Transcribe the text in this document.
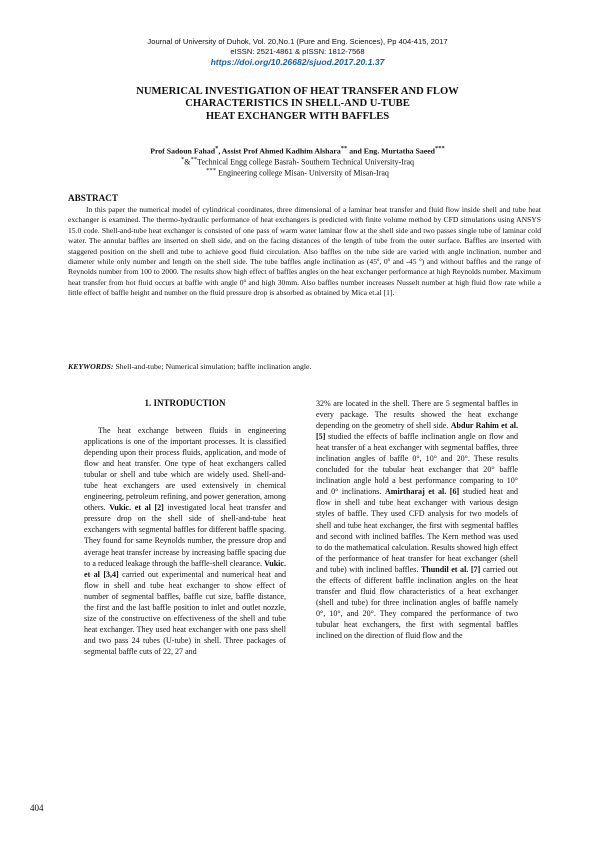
Journal of University of Duhok, Vol. 20,No.1 (Pure and Eng. Sciences), Pp 404-415, 2017
eISSN: 2521-4861 & pISSN: 1812-7568
https://doi.org/10.26682/sjuod.2017.20.1.37
NUMERICAL INVESTIGATION OF HEAT TRANSFER AND FLOW
CHARACTERISTICS IN SHELL-AND U-TUBE
HEAT EXCHANGER WITH BAFFLES
Prof Sadoun Fahad*, Assist Prof Ahmed Kadhim Alshara** and Eng. Murtatha Saeed***
*&**Technical Engg college Basrah- Southern Technical University-Iraq
*** Engineering college Misan- University of Misan-Iraq
ABSTRACT
In this paper the numerical model of cylindrical coordinates, three dimensional of a laminar heat transfer and fluid flow inside shell and tube heat exchanger is examined. The thermo-hydraulic performance of heat exchangers is predicted with finite volume method by CFD simulations using ANSYS 15.0 code. Shell-and-tube heat exchanger is consisted of one pass of warm water laminar flow at the shell side and two passes single tube of laminar cold water. The annular baffles are inserted on shell side, and on the facing distances of the length of tube from the outer surface. Baffles are inserted with staggered position on the shell and tube to achieve good fluid circulation. Also baffles on the tube side are varied with angle inclination, number and diameter while only number and length on the shell side. The tube baffles angle inclination as (45º, 0º and -45 º) and without baffles and the range of Reynolds number from 100 to 2000. The results show high effect of baffles angles on the heat exchanger performance at high Reynolds number. Maximum heat transfer from hot fluid occurs at baffle with angle 0º and high 30mm. Also baffles number increases Nusselt number at high fluid flow rate while a little effect of baffle height and number on the fluid pressure drop is absorbed as obtained by Mica et.al [1].
KEYWORDS: Shell-and-tube; Numerical simulation; baffle inclination angle.
1. INTRODUCTION
The heat exchange between fluids in engineering applications is one of the important processes. It is classified depending upon their process fluids, application, and mode of flow and heat transfer. One type of heat exchangers called tubular or shell and tube which are widely used. Shell-and-tube heat exchangers are used extensively in chemical engineering, petroleum refining, and power generation, among others. Vukic. et al [2] investigated local heat transfer and pressure drop on the shell side of shell-and-tube heat exchangers with segmental baffles for different baffle spacing. They found for same Reynolds number, the pressure drop and average heat transfer increase by increasing baffle spacing due to a reduced leakage through the baffle-shell clearance. Vukic. et al [3,4] carried out experimental and numerical heat and flow in shell and tube heat exchanger to show effect of number of segmental baffles, baffle cut size, baffle distance, the first and the last baffle position to inlet and outlet nozzle, size of the constructive on effectiveness of the shell and tube heat exchanger. They used heat exchanger with one pass shell and two pass 24 tubes (U-tube) in shell. Three packages of segmental baffle cuts of 22, 27 and
32% are located in the shell. There are 5 segmental baffles in every package. The results showed the heat exchange depending on the geometry of shell side. Abdur Rahim et al. [5] studied the effects of baffle inclination angle on flow and heat transfer of a heat exchanger with segmental baffles, three inclination angles of baffle 0°, 10° and 20°. These results concluded for the tubular heat exchanger that 20° baffle inclination angle hold a best performance comparing to 10° and 0° inclinations. Amirtharaj et al. [6] studied heat and flow in shell and tube heat exchanger with various design styles of baffle. They used CFD analysis for two models of shell and tube heat exchanger, the first with segmental baffles and second with inclined baffles. The Kern method was used to do the mathematical calculation. Results showed high effect of the performance of heat transfer for heat exchanger (shell and tube) with inclined baffles. Thundil et al. [7] carried out the effects of different baffle inclination angles on the heat transfer and fluid flow characteristics of a heat exchanger (shell and tube) for three inclination angles of baffle namely 0°, 10°, and 20°. They compared the performance of two tubular heat exchangers, the first with segmental baffles inclined on the direction of fluid flow and the
404
